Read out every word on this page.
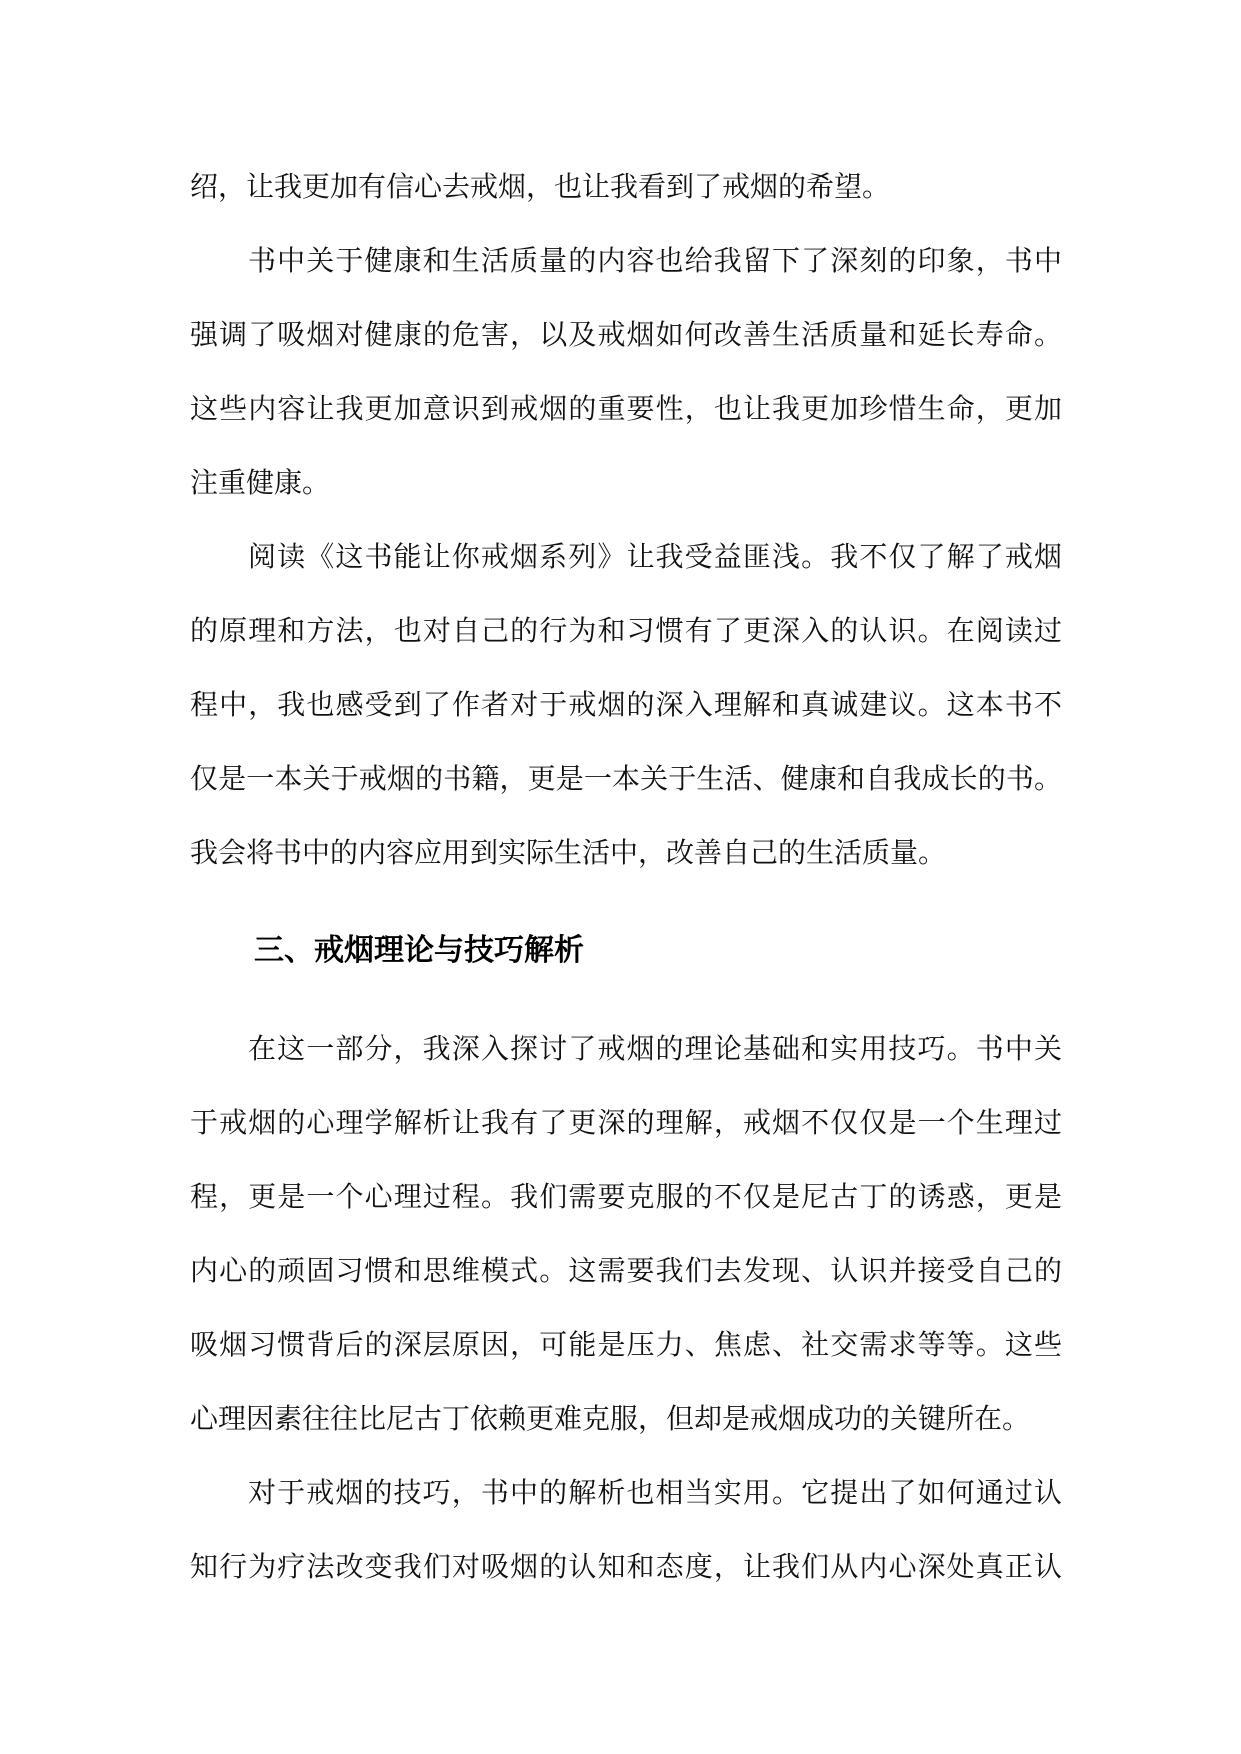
绍，让我更加有信心去戒烟，也让我看到了戒烟的希望。
书中关于健康和生活质量的内容也给我留下了深刻的印象，书中
强调了吸烟对健康的危害，以及戒烟如何改善生活质量和延长寿命。
这些内容让我更加意识到戒烟的重要性，也让我更加珍惜生命，更加
注重健康。
阅读《这书能让你戒烟系列》让我受益匪浅。我不仅了解了戒烟
的原理和方法，也对自己的行为和习惯有了更深入的认识。在阅读过
程中，我也感受到了作者对于戒烟的深入理解和真诚建议。这本书不
仅是一本关于戒烟的书籍，更是一本关于生活、健康和自我成长的书。
我会将书中的内容应用到实际生活中，改善自己的生活质量。
三、戒烟理论与技巧解析
在这一部分，我深入探讨了戒烟的理论基础和实用技巧。书中关
于戒烟的心理学解析让我有了更深的理解，戒烟不仅仅是一个生理过
程，更是一个心理过程。我们需要克服的不仅是尼古丁的诱惑，更是
内心的顽固习惯和思维模式。这需要我们去发现、认识并接受自己的
吸烟习惯背后的深层原因，可能是压力、焦虑、社交需求等等。这些
心理因素往往比尼古丁依赖更难克服，但却是戒烟成功的关键所在。
对于戒烟的技巧，书中的解析也相当实用。它提出了如何通过认
知行为疗法改变我们对吸烟的认知和态度，让我们从内心深处真正认
